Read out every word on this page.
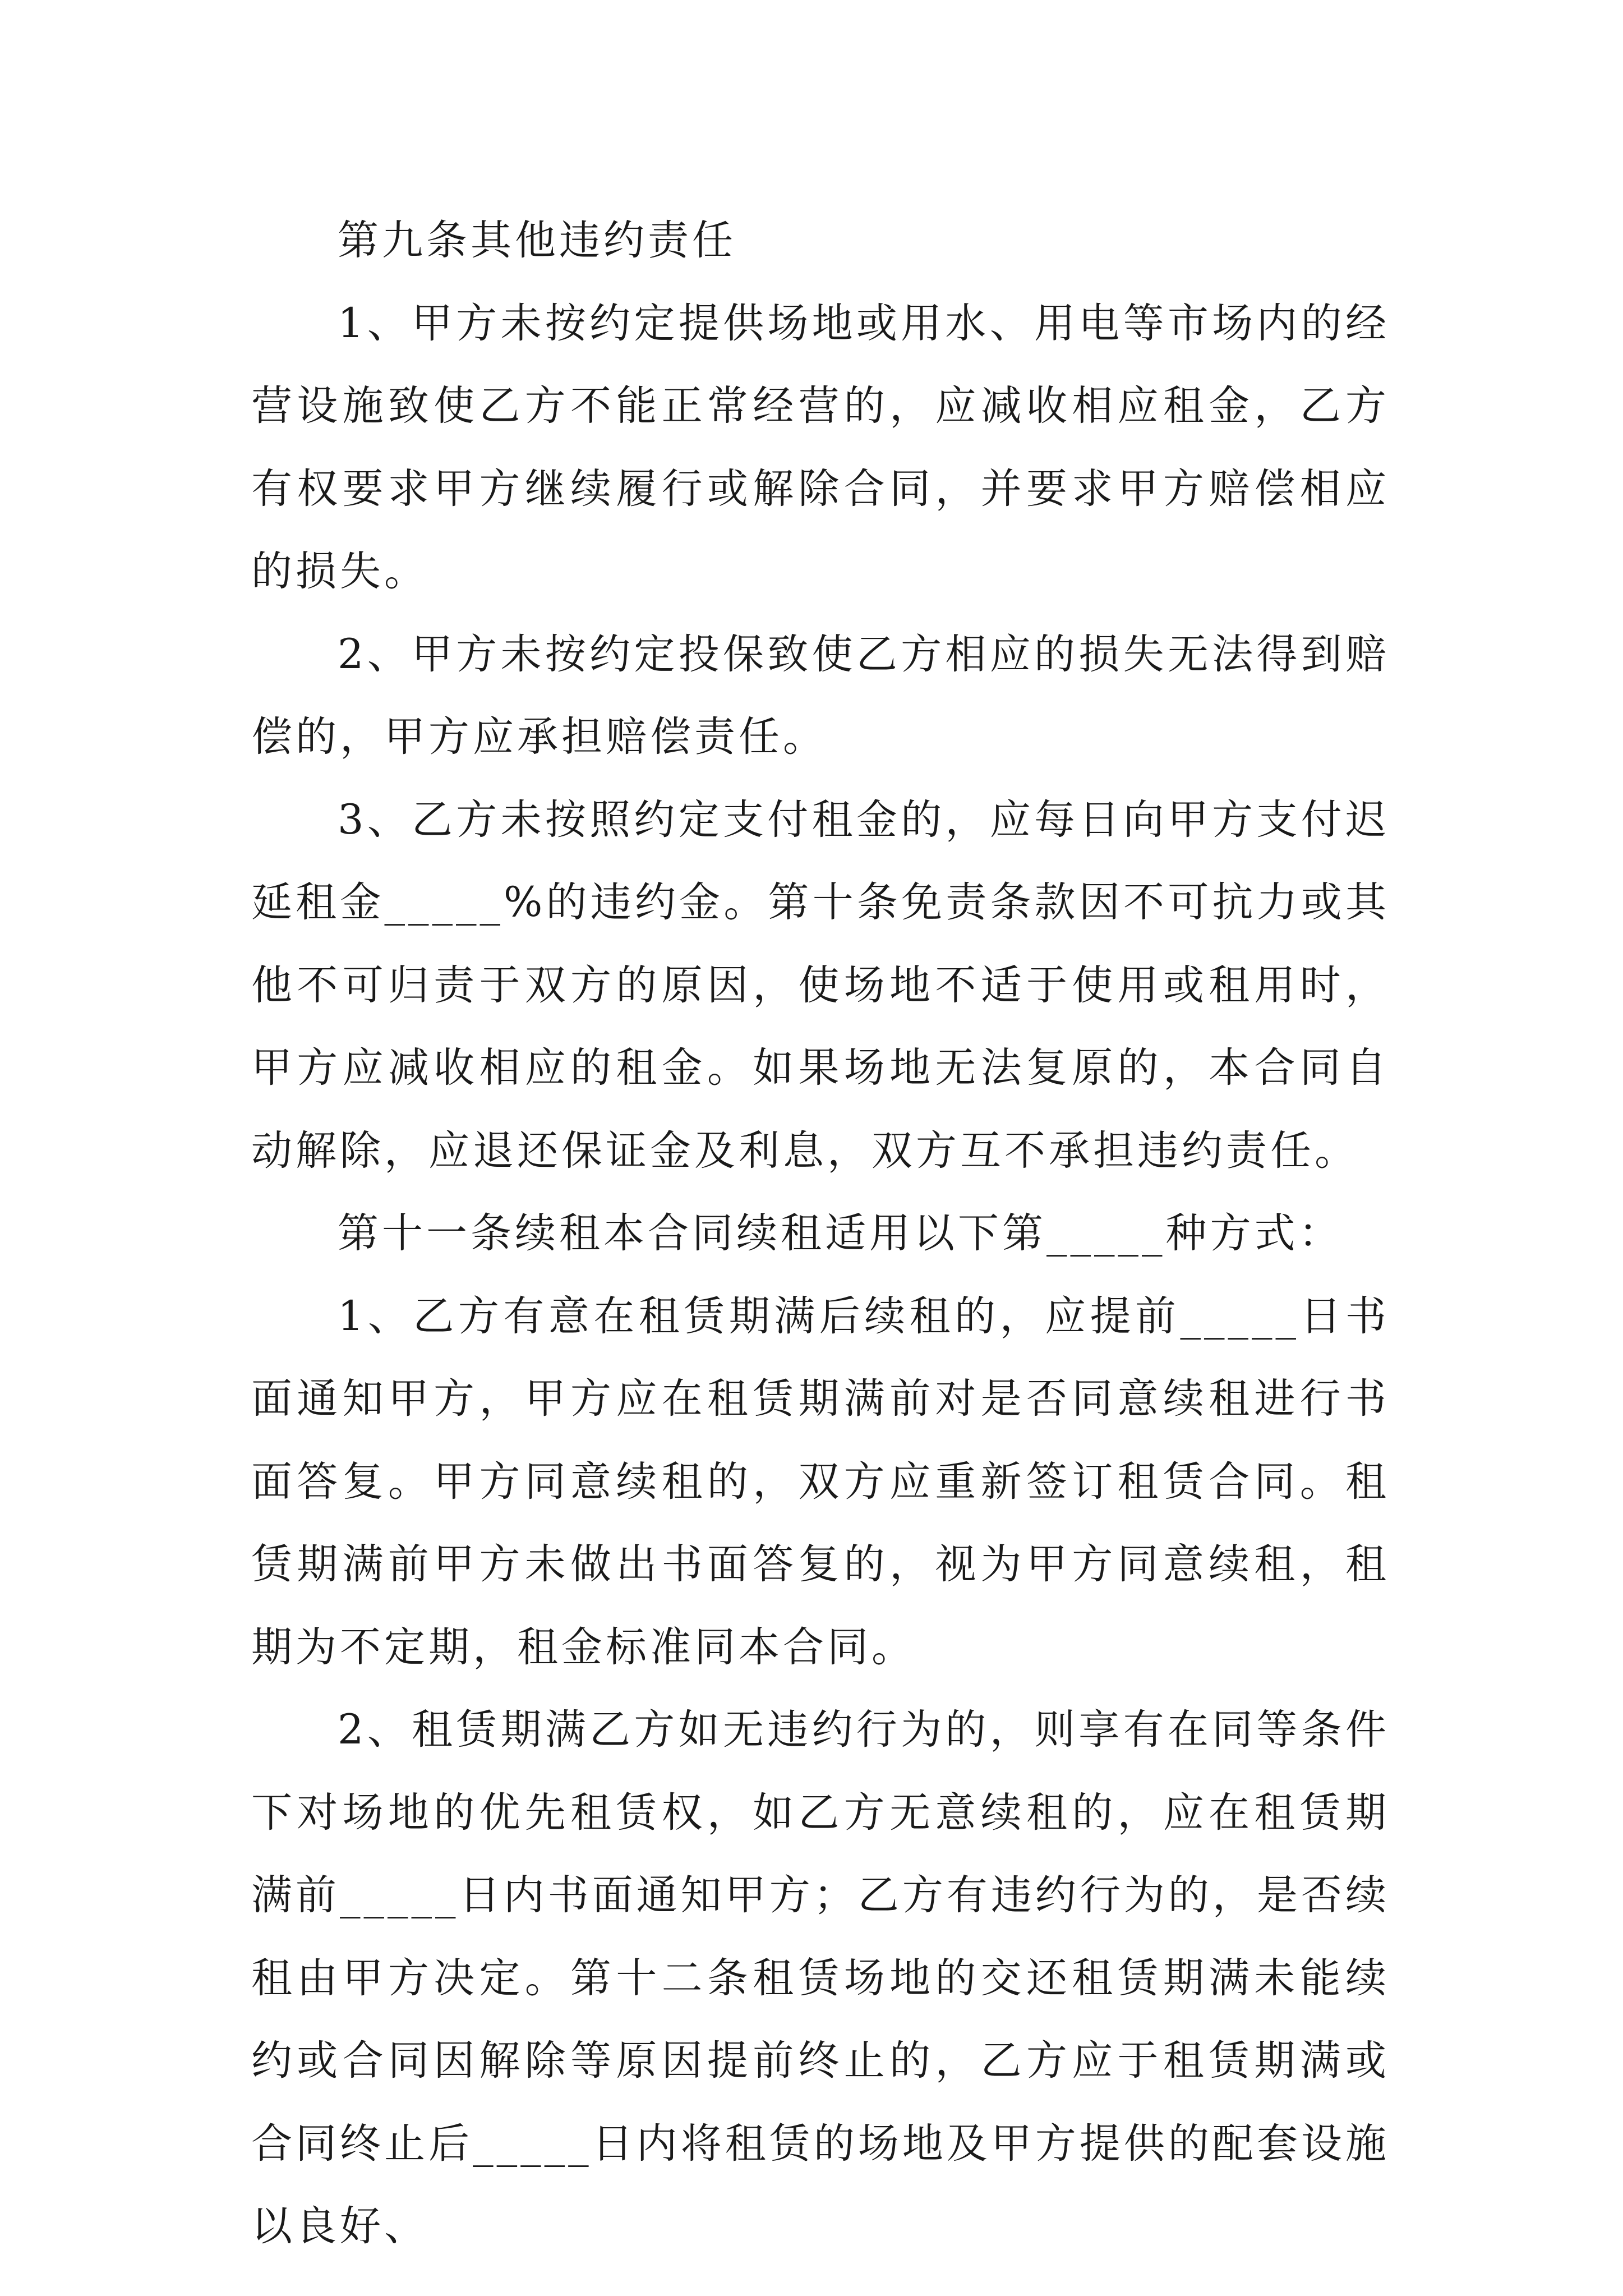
第九条其他违约责任

1、甲方未按约定提供场地或用水、用电等市场内的经营设施致使乙方不能正常经营的，应减收相应租金，乙方有权要求甲方继续履行或解除合同，并要求甲方赔偿相应的损失。

2、甲方未按约定投保致使乙方相应的损失无法得到赔偿的，甲方应承担赔偿责任。

3、乙方未按照约定支付租金的，应每日向甲方支付迟延租金_____%的违约金。第十条免责条款因不可抗力或其他不可归责于双方的原因，使场地不适于使用或租用时，甲方应减收相应的租金。如果场地无法复原的，本合同自动解除，应退还保证金及利息，双方互不承担违约责任。

第十一条续租本合同续租适用以下第_____种方式：

1、乙方有意在租赁期满后续租的，应提前_____日书面通知甲方，甲方应在租赁期满前对是否同意续租进行书面答复。甲方同意续租的，双方应重新签订租赁合同。租赁期满前甲方未做出书面答复的，视为甲方同意续租，租期为不定期，租金标准同本合同。

2、租赁期满乙方如无违约行为的，则享有在同等条件下对场地的优先租赁权，如乙方无意续租的，应在租赁期满前_____日内书面通知甲方；乙方有违约行为的，是否续租由甲方决定。第十二条租赁场地的交还租赁期满未能续约或合同因解除等原因提前终止的，乙方应于租赁期满或合同终止后_____日内将租赁的场地及甲方提供的配套设施以良好、
